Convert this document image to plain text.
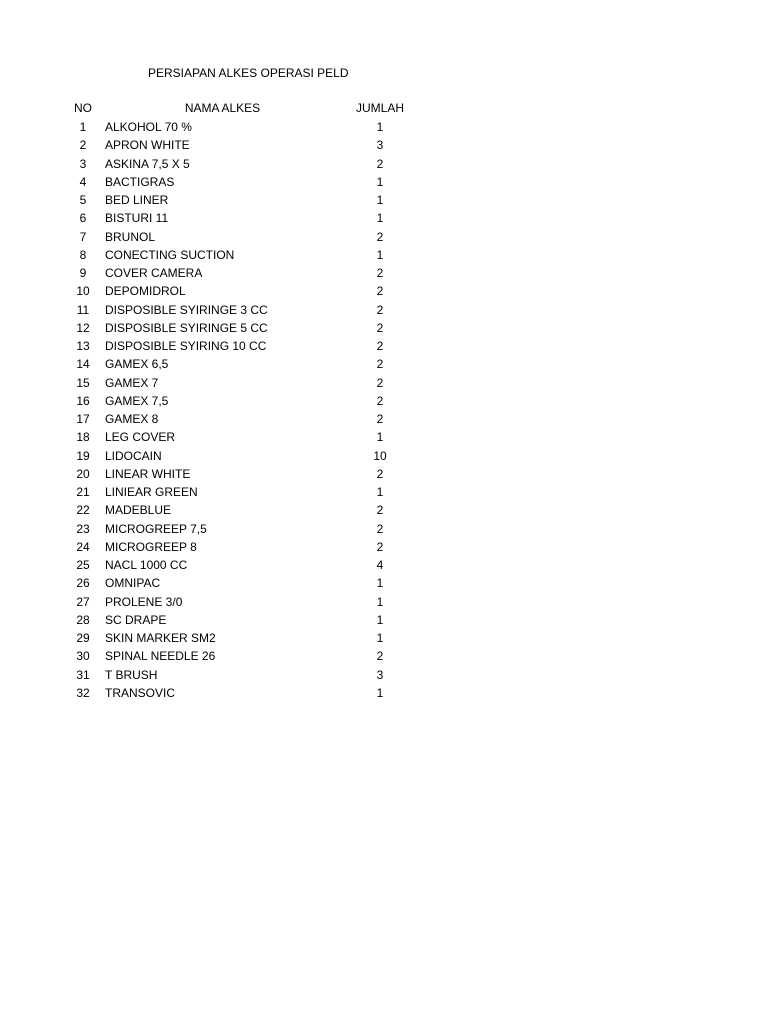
PERSIAPAN ALKES OPERASI PELD
NO	NAMA ALKES	JUMLAH
1	ALKOHOL 70 %	1
2	APRON WHITE	3
3	ASKINA 7,5 X 5	2
4	BACTIGRAS	1
5	BED LINER	1
6	BISTURI 11	1
7	BRUNOL	2
8	CONECTING SUCTION	1
9	COVER CAMERA	2
10	DEPOMIDROL	2
11	DISPOSIBLE SYIRINGE 3 CC	2
12	DISPOSIBLE SYIRINGE 5 CC	2
13	DISPOSIBLE SYIRING 10 CC	2
14	GAMEX 6,5	2
15	GAMEX 7	2
16	GAMEX 7,5	2
17	GAMEX 8	2
18	LEG COVER	1
19	LIDOCAIN	10
20	LINEAR WHITE	2
21	LINIEAR GREEN	1
22	MADEBLUE	2
23	MICROGREEP 7,5	2
24	MICROGREEP 8	2
25	NACL 1000 CC	4
26	OMNIPAC	1
27	PROLENE 3/0	1
28	SC DRAPE	1
29	SKIN MARKER SM2	1
30	SPINAL NEEDLE 26	2
31	T BRUSH	3
32	TRANSOVIC	1
